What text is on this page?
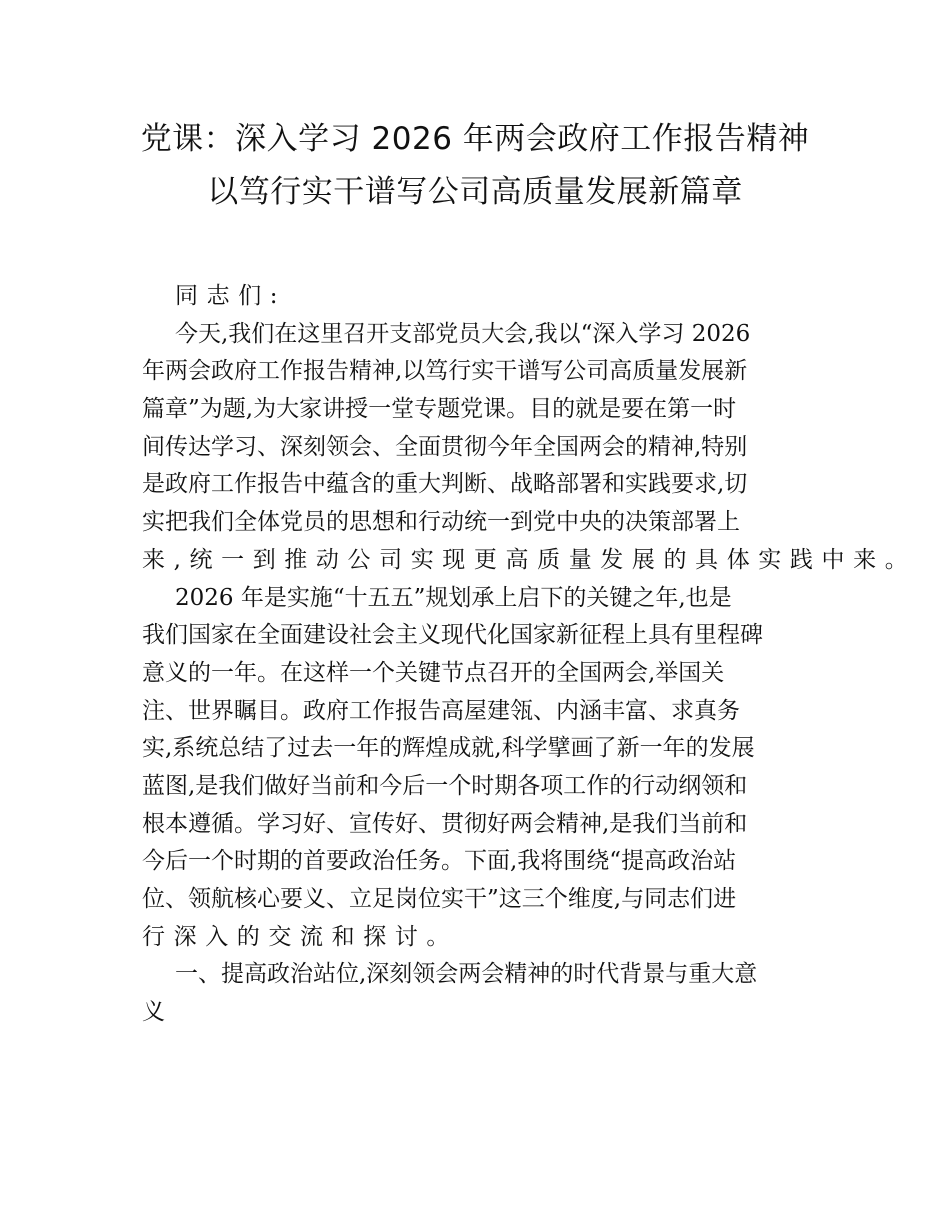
党课：深入学习 2026 年两会政府工作报告精神
以笃行实干谱写公司高质量发展新篇章
同志们:
今天,我们在这里召开支部党员大会,我以“深入学习 2026
年两会政府工作报告精神,以笃行实干谱写公司高质量发展新
篇章”为题,为大家讲授一堂专题党课。目的就是要在第一时
间传达学习、深刻领会、全面贯彻今年全国两会的精神,特别
是政府工作报告中蕴含的重大判断、战略部署和实践要求,切
实把我们全体党员的思想和行动统一到党中央的决策部署上
来,统一到推动公司实现更高质量发展的具体实践中来。
2026 年是实施“十五五”规划承上启下的关键之年,也是
我们国家在全面建设社会主义现代化国家新征程上具有里程碑
意义的一年。在这样一个关键节点召开的全国两会,举国关
注、世界瞩目。政府工作报告高屋建瓴、内涵丰富、求真务
实,系统总结了过去一年的辉煌成就,科学擘画了新一年的发展
蓝图,是我们做好当前和今后一个时期各项工作的行动纲领和
根本遵循。学习好、宣传好、贯彻好两会精神,是我们当前和
今后一个时期的首要政治任务。下面,我将围绕“提高政治站
位、领航核心要义、立足岗位实干”这三个维度,与同志们进
行深入的交流和探讨。
一、提高政治站位,深刻领会两会精神的时代背景与重大意
义
